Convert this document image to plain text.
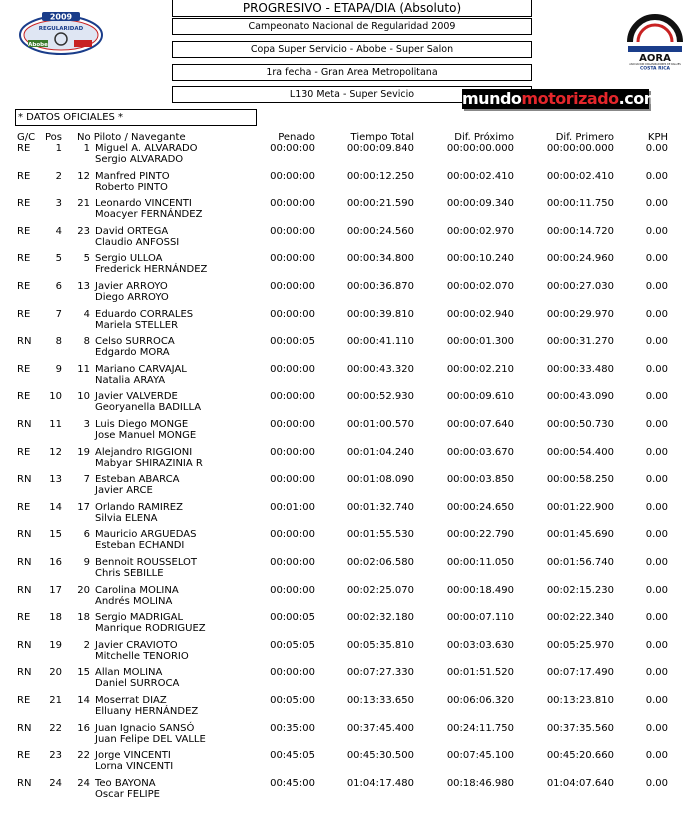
2009
REGULARIDAD
Abobe
AORA
ASOCIACION ORGANIZADORES DE RALLIES
COSTA RICA
PROGRESIVO - ETAPA/DIA (Absoluto)
Campeonato Nacional de Regularidad 2009
Copa Super Servicio - Abobe - Super Salon
1ra fecha - Gran Area Metropolitana
L130 Meta - Super Sevicio	mundomotorizado.com
* DATOS OFICIALES *
G/C Pos No Piloto / Navegante	Penado	Tiempo Total	Dif. Próximo	Dif. Primero	KPH
RE	1	1 Miguel A. ALVARADO	00:00:00	00:00:09.840	00:00:00.000	00:00:00.000	0.00
Sergio ALVARADO
RE	2	12 Manfred PINTO	00:00:00	00:00:12.250	00:00:02.410	00:00:02.410	0.00
Roberto PINTO
RE	3	21 Leonardo VINCENTI	00:00:00	00:00:21.590	00:00:09.340	00:00:11.750	0.00
Moacyer FERNÁNDEZ
RE	4	23 David ORTEGA	00:00:00	00:00:24.560	00:00:02.970	00:00:14.720	0.00
Claudio ANFOSSI
RE	5	5 Sergio ULLOA	00:00:00	00:00:34.800	00:00:10.240	00:00:24.960	0.00
Frederick HERNÁNDEZ
RE	6	13 Javier ARROYO	00:00:00	00:00:36.870	00:00:02.070	00:00:27.030	0.00
Diego ARROYO
RE	7	4 Eduardo CORRALES	00:00:00	00:00:39.810	00:00:02.940	00:00:29.970	0.00
Mariela STELLER
RN	8	8 Celso SURROCA	00:00:05	00:00:41.110	00:00:01.300	00:00:31.270	0.00
Edgardo MORA
RE	9	11 Mariano CARVAJAL	00:00:00	00:00:43.320	00:00:02.210	00:00:33.480	0.00
Natalia ARAYA
RE	10	10 Javier VALVERDE	00:00:00	00:00:52.930	00:00:09.610	00:00:43.090	0.00
Georyanella BADILLA
RN	11	3 Luis Diego MONGE	00:00:00	00:01:00.570	00:00:07.640	00:00:50.730	0.00
Jose Manuel MONGE
RE	12	19 Alejandro RIGGIONI	00:00:00	00:01:04.240	00:00:03.670	00:00:54.400	0.00
Mabyar SHIRAZINIA R
RN	13	7 Esteban ABARCA	00:00:00	00:01:08.090	00:00:03.850	00:00:58.250	0.00
Javier ARCE
RE	14	17 Orlando RAMIREZ	00:01:00	00:01:32.740	00:00:24.650	00:01:22.900	0.00
Silvia ELENA
RN	15	6 Mauricio ARGUEDAS	00:00:00	00:01:55.530	00:00:22.790	00:01:45.690	0.00
Esteban ECHANDI
RN	16	9 Bennoit ROUSSELOT	00:00:00	00:02:06.580	00:00:11.050	00:01:56.740	0.00
Chris SEBILLE
RN	17	20 Carolina MOLINA	00:00:00	00:02:25.070	00:00:18.490	00:02:15.230	0.00
Andrés MOLINA
RE	18	18 Sergio MADRIGAL	00:00:05	00:02:32.180	00:00:07.110	00:02:22.340	0.00
Manrique RODRIGUEZ
RN	19	2 Javier CRAVIOTO	00:05:05	00:05:35.810	00:03:03.630	00:05:25.970	0.00
Mitchelle TENORIO
RN	20	15 Allan MOLINA	00:00:00	00:07:27.330	00:01:51.520	00:07:17.490	0.00
Daniel SURROCA
RE	21	14 Moserrat DIAZ	00:05:00	00:13:33.650	00:06:06.320	00:13:23.810	0.00
Elluany HERNÁNDEZ
RN	22	16 Juan Ignacio SANSÓ	00:35:00	00:37:45.400	00:24:11.750	00:37:35.560	0.00
Juan Felipe DEL VALLE
RE	23	22 Jorge VINCENTI	00:45:05	00:45:30.500	00:07:45.100	00:45:20.660	0.00
Lorna VINCENTI
RN	24	24 Teo BAYONA	00:45:00	01:04:17.480	00:18:46.980	01:04:07.640	0.00
Oscar FELIPE
